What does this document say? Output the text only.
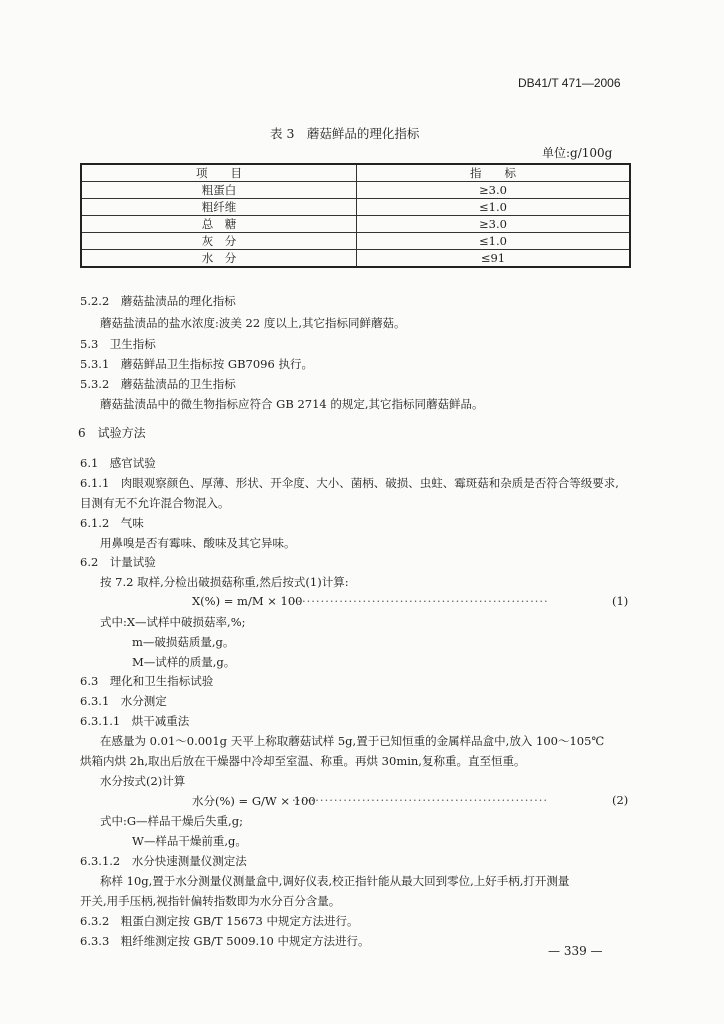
DB41/T 471—2006
表 3　蘑菇鲜品的理化指标
单位:g/100g
项　　目	指　　标
粗蛋白	≥3.0
粗纤维	≤1.0
总　糖	≥3.0
灰　分	≤1.0
水　分	≤91
5.2.2　蘑菇盐渍品的理化指标
蘑菇盐渍品的盐水浓度:波美 22 度以上,其它指标同鲜蘑菇。
5.3　卫生指标
5.3.1　蘑菇鲜品卫生指标按 GB7096 执行。
5.3.2　蘑菇盐渍品的卫生指标
蘑菇盐渍品中的微生物指标应符合 GB 2714 的规定,其它指标同蘑菇鲜品。
6　试验方法
6.1　感官试验
6.1.1　肉眼观察颜色、厚薄、形状、开伞度、大小、菌柄、破损、虫蛀、霉斑菇和杂质是否符合等级要求,
目测有无不允许混合物混入。
6.1.2　气味
用鼻嗅是否有霉味、酸味及其它异味。
6.2　计量试验
按 7.2 取样,分检出破损菇称重,然后按式(1)计算:
X(%) = m/M × 100
························································	(1)
式中:X—试样中破损菇率,%;
m—破损菇质量,g。
M—试样的质量,g。
6.3　理化和卫生指标试验
6.3.1　水分测定
6.3.1.1　烘干减重法
在感量为 0.01～0.001g 天平上称取蘑菇试样 5g,置于已知恒重的金属样品盒中,放入 100～105℃
烘箱内烘 2h,取出后放在干燥器中冷却至室温、称重。再烘 30min,复称重。直至恒重。
水分按式(2)计算
水分(%) = G/W × 100
·······················································	(2)
式中:G—样品干燥后失重,g;
W—样品干燥前重,g。
6.3.1.2　水分快速测量仪测定法
称样 10g,置于水分测量仪测量盒中,调好仪表,校正指针能从最大回到零位,上好手柄,打开测量
开关,用手压柄,视指针偏转指数即为水分百分含量。
6.3.2　粗蛋白测定按 GB/T 15673 中规定方法进行。
6.3.3　粗纤维测定按 GB/T 5009.10 中规定方法进行。
— 339 —
